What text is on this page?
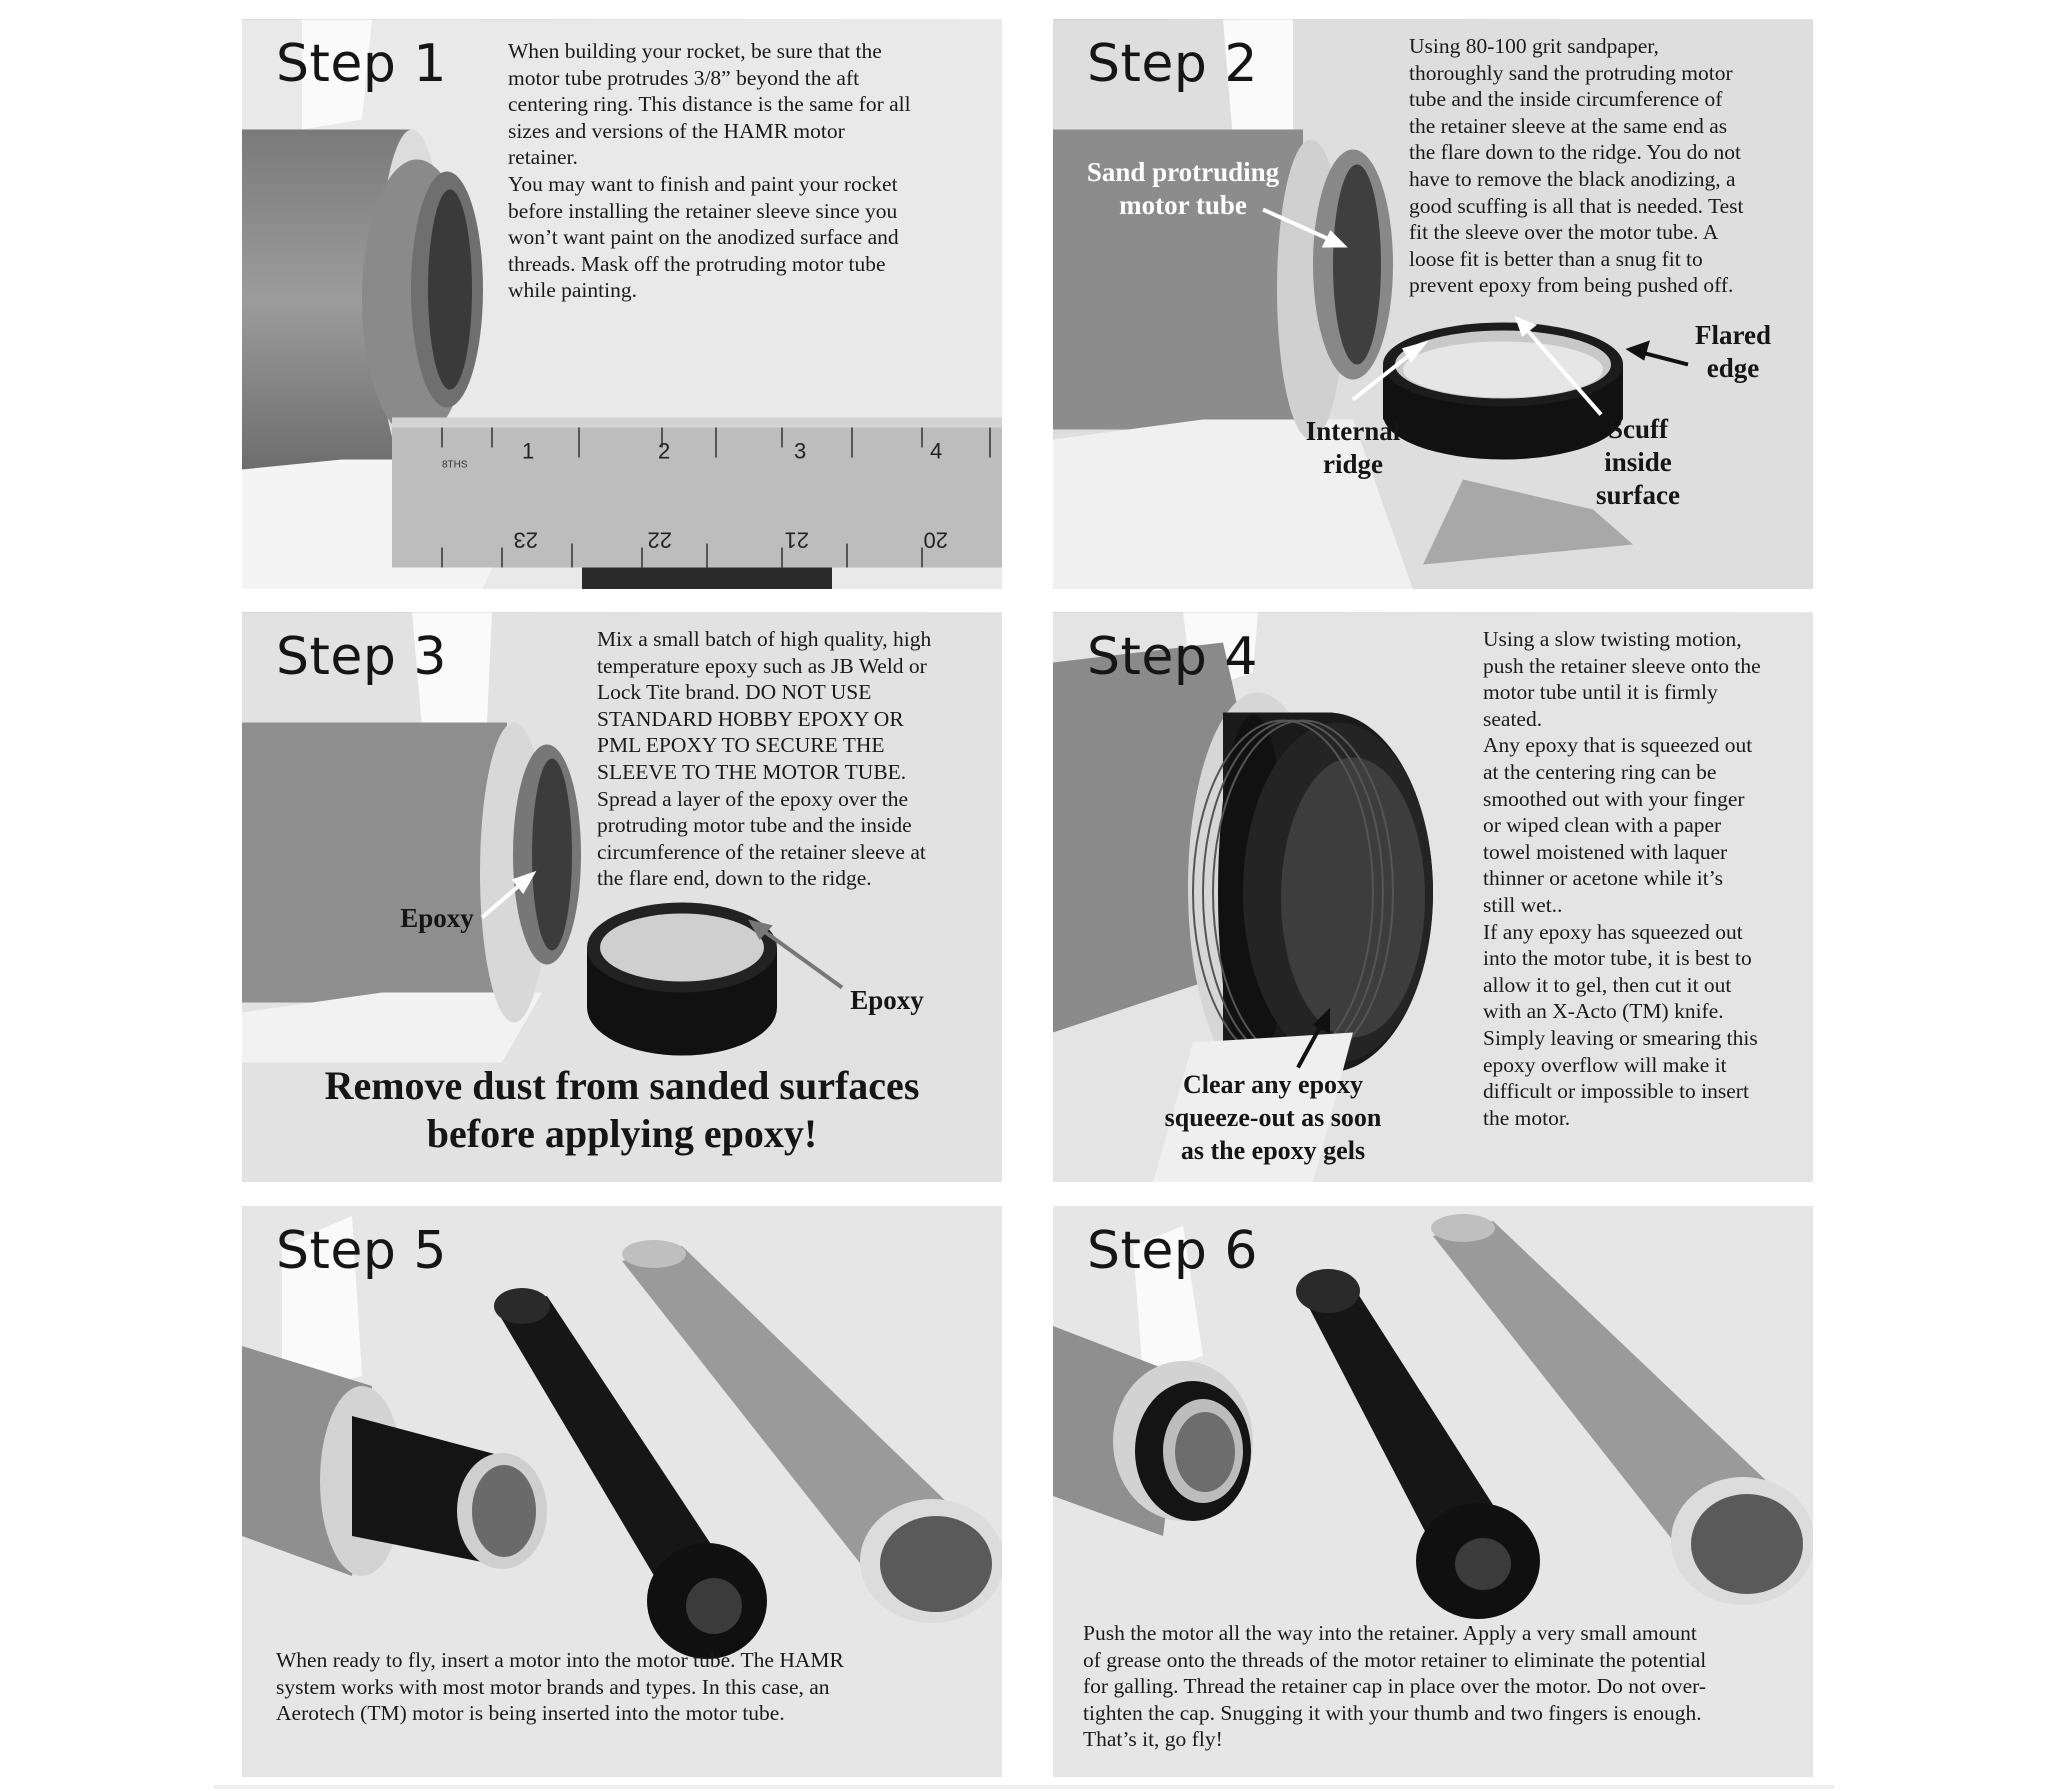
1	2	3	4
8THS
23	22	21	20
Step 1	When building your rocket, be sure that the
motor tube protrudes 3/8” beyond the aft
centering ring. This distance is the same for all
sizes and versions of the HAMR motor
retainer.
You may want to finish and paint your rocket
before installing the retainer sleeve since you
won’t want paint on the anodized surface and
threads. Mask off the protruding motor tube
while painting.

Step 2	Using 80-100 grit sandpaper,
thoroughly sand the protruding motor
tube and the inside circumference of
the retainer sleeve at the same end as
the flare down to the ridge. You do not
have to remove the black anodizing, a
good scuffing is all that is needed. Test
fit the sleeve over the motor tube. A
loose fit is better than a snug fit to
prevent epoxy from being pushed off.

Sand protruding
motor tube

Flared
edge

Internal
ridge

Scuff
inside
surface

Step 3	Mix a small batch of high quality, high
temperature epoxy such as JB Weld or
Lock Tite brand. DO NOT USE
STANDARD HOBBY EPOXY OR
PML EPOXY TO SECURE THE
SLEEVE TO THE MOTOR TUBE.
Spread a layer of the epoxy over the
protruding motor tube and the inside
circumference of the retainer sleeve at
the flare end, down to the ridge.

Epoxy

Epoxy

Remove dust from sanded surfaces
before applying epoxy!

Step 4	Using a slow twisting motion,
push the retainer sleeve onto the
motor tube until it is firmly
seated.
Any epoxy that is squeezed out
at the centering ring can be
smoothed out with your finger
or wiped clean with a paper
towel moistened with laquer
thinner or acetone while it’s
still wet..
If any epoxy has squeezed out
into the motor tube, it is best to
allow it to gel, then cut it out
with an X-Acto (TM) knife.
Simply leaving or smearing this
epoxy overflow will make it
difficult or impossible to insert
the motor.

Clear any epoxy
squeeze-out as soon
as the epoxy gels

Step 5

When ready to fly, insert a motor into the motor tube. The HAMR
system works with most motor brands and types. In this case, an
Aerotech (TM) motor is being inserted into the motor tube.

Step 6

Push the motor all the way into the retainer. Apply a very small amount
of grease onto the threads of the motor retainer to eliminate the potential
for galling. Thread the retainer cap in place over the motor. Do not over-
tighten the cap. Snugging it with your thumb and two fingers is enough.
That’s it, go fly!
